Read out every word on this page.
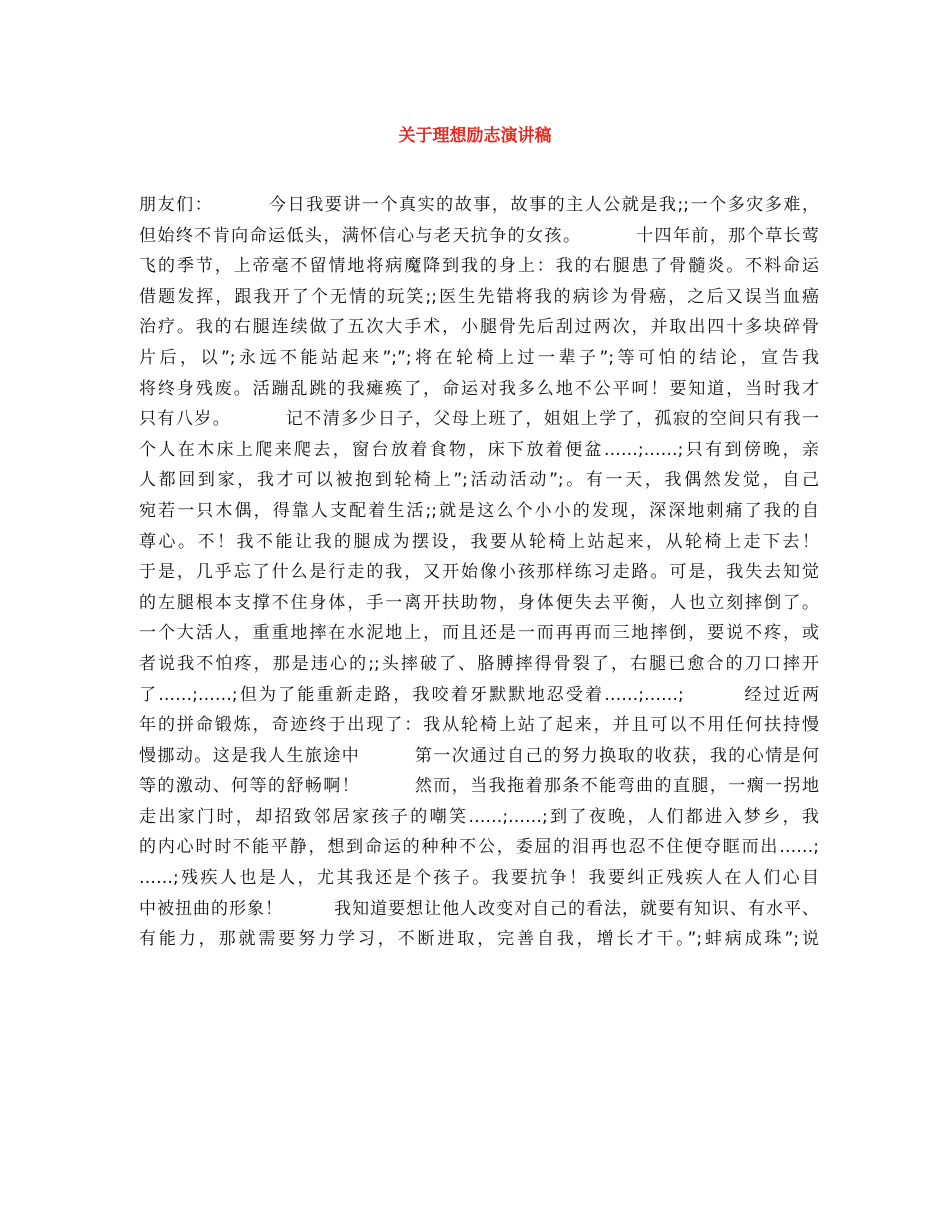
关于理想励志演讲稿
朋友们：        今日我要讲一个真实的故事，故事的主人公就是我;;一个多灾多难，
但始终不肯向命运低头，满怀信心与老天抗争的女孩。        十四年前，那个草长莺
飞的季节，上帝毫不留情地将病魔降到我的身上：我的右腿患了骨髓炎。不料命运
借题发挥，跟我开了个无情的玩笑;;医生先错将我的病诊为骨癌，之后又误当血癌
治疗。我的右腿连续做了五次大手术，小腿骨先后刮过两次，并取出四十多块碎骨
片后，以”;永远不能站起来”;”;将在轮椅上过一辈子”;等可怕的结论，宣告我
将终身残废。活蹦乱跳的我瘫痪了，命运对我多么地不公平呵！要知道，当时我才
只有八岁。        记不清多少日子，父母上班了，姐姐上学了，孤寂的空间只有我一
个人在木床上爬来爬去，窗台放着食物，床下放着便盆……;……;只有到傍晚，亲
人都回到家，我才可以被抱到轮椅上”;活动活动”;。有一天，我偶然发觉，自己
宛若一只木偶，得靠人支配着生活;;就是这么个小小的发现，深深地刺痛了我的自
尊心。不！我不能让我的腿成为摆设，我要从轮椅上站起来，从轮椅上走下去！
于是，几乎忘了什么是行走的我，又开始像小孩那样练习走路。可是，我失去知觉
的左腿根本支撑不住身体，手一离开扶助物，身体便失去平衡，人也立刻摔倒了。
一个大活人，重重地摔在水泥地上，而且还是一而再再而三地摔倒，要说不疼，或
者说我不怕疼，那是违心的;;头摔破了、胳膊摔得骨裂了，右腿已愈合的刀口摔开
了……;……;但为了能重新走路，我咬着牙默默地忍受着……;……;        经过近两
年的拼命锻炼，奇迹终于出现了：我从轮椅上站了起来，并且可以不用任何扶持慢
慢挪动。这是我人生旅途中        第一次通过自己的努力换取的收获，我的心情是何
等的激动、何等的舒畅啊！        然而，当我拖着那条不能弯曲的直腿，一瘸一拐地
走出家门时，却招致邻居家孩子的嘲笑……;……;到了夜晚，人们都进入梦乡，我
的内心时时不能平静，想到命运的种种不公，委屈的泪再也忍不住便夺眶而出……;
……;残疾人也是人，尤其我还是个孩子。我要抗争！我要纠正残疾人在人们心目
中被扭曲的形象！        我知道要想让他人改变对自己的看法，就要有知识、有水平、
有能力，那就需要努力学习，不断进取，完善自我，增长才干。”;蚌病成珠”;说
